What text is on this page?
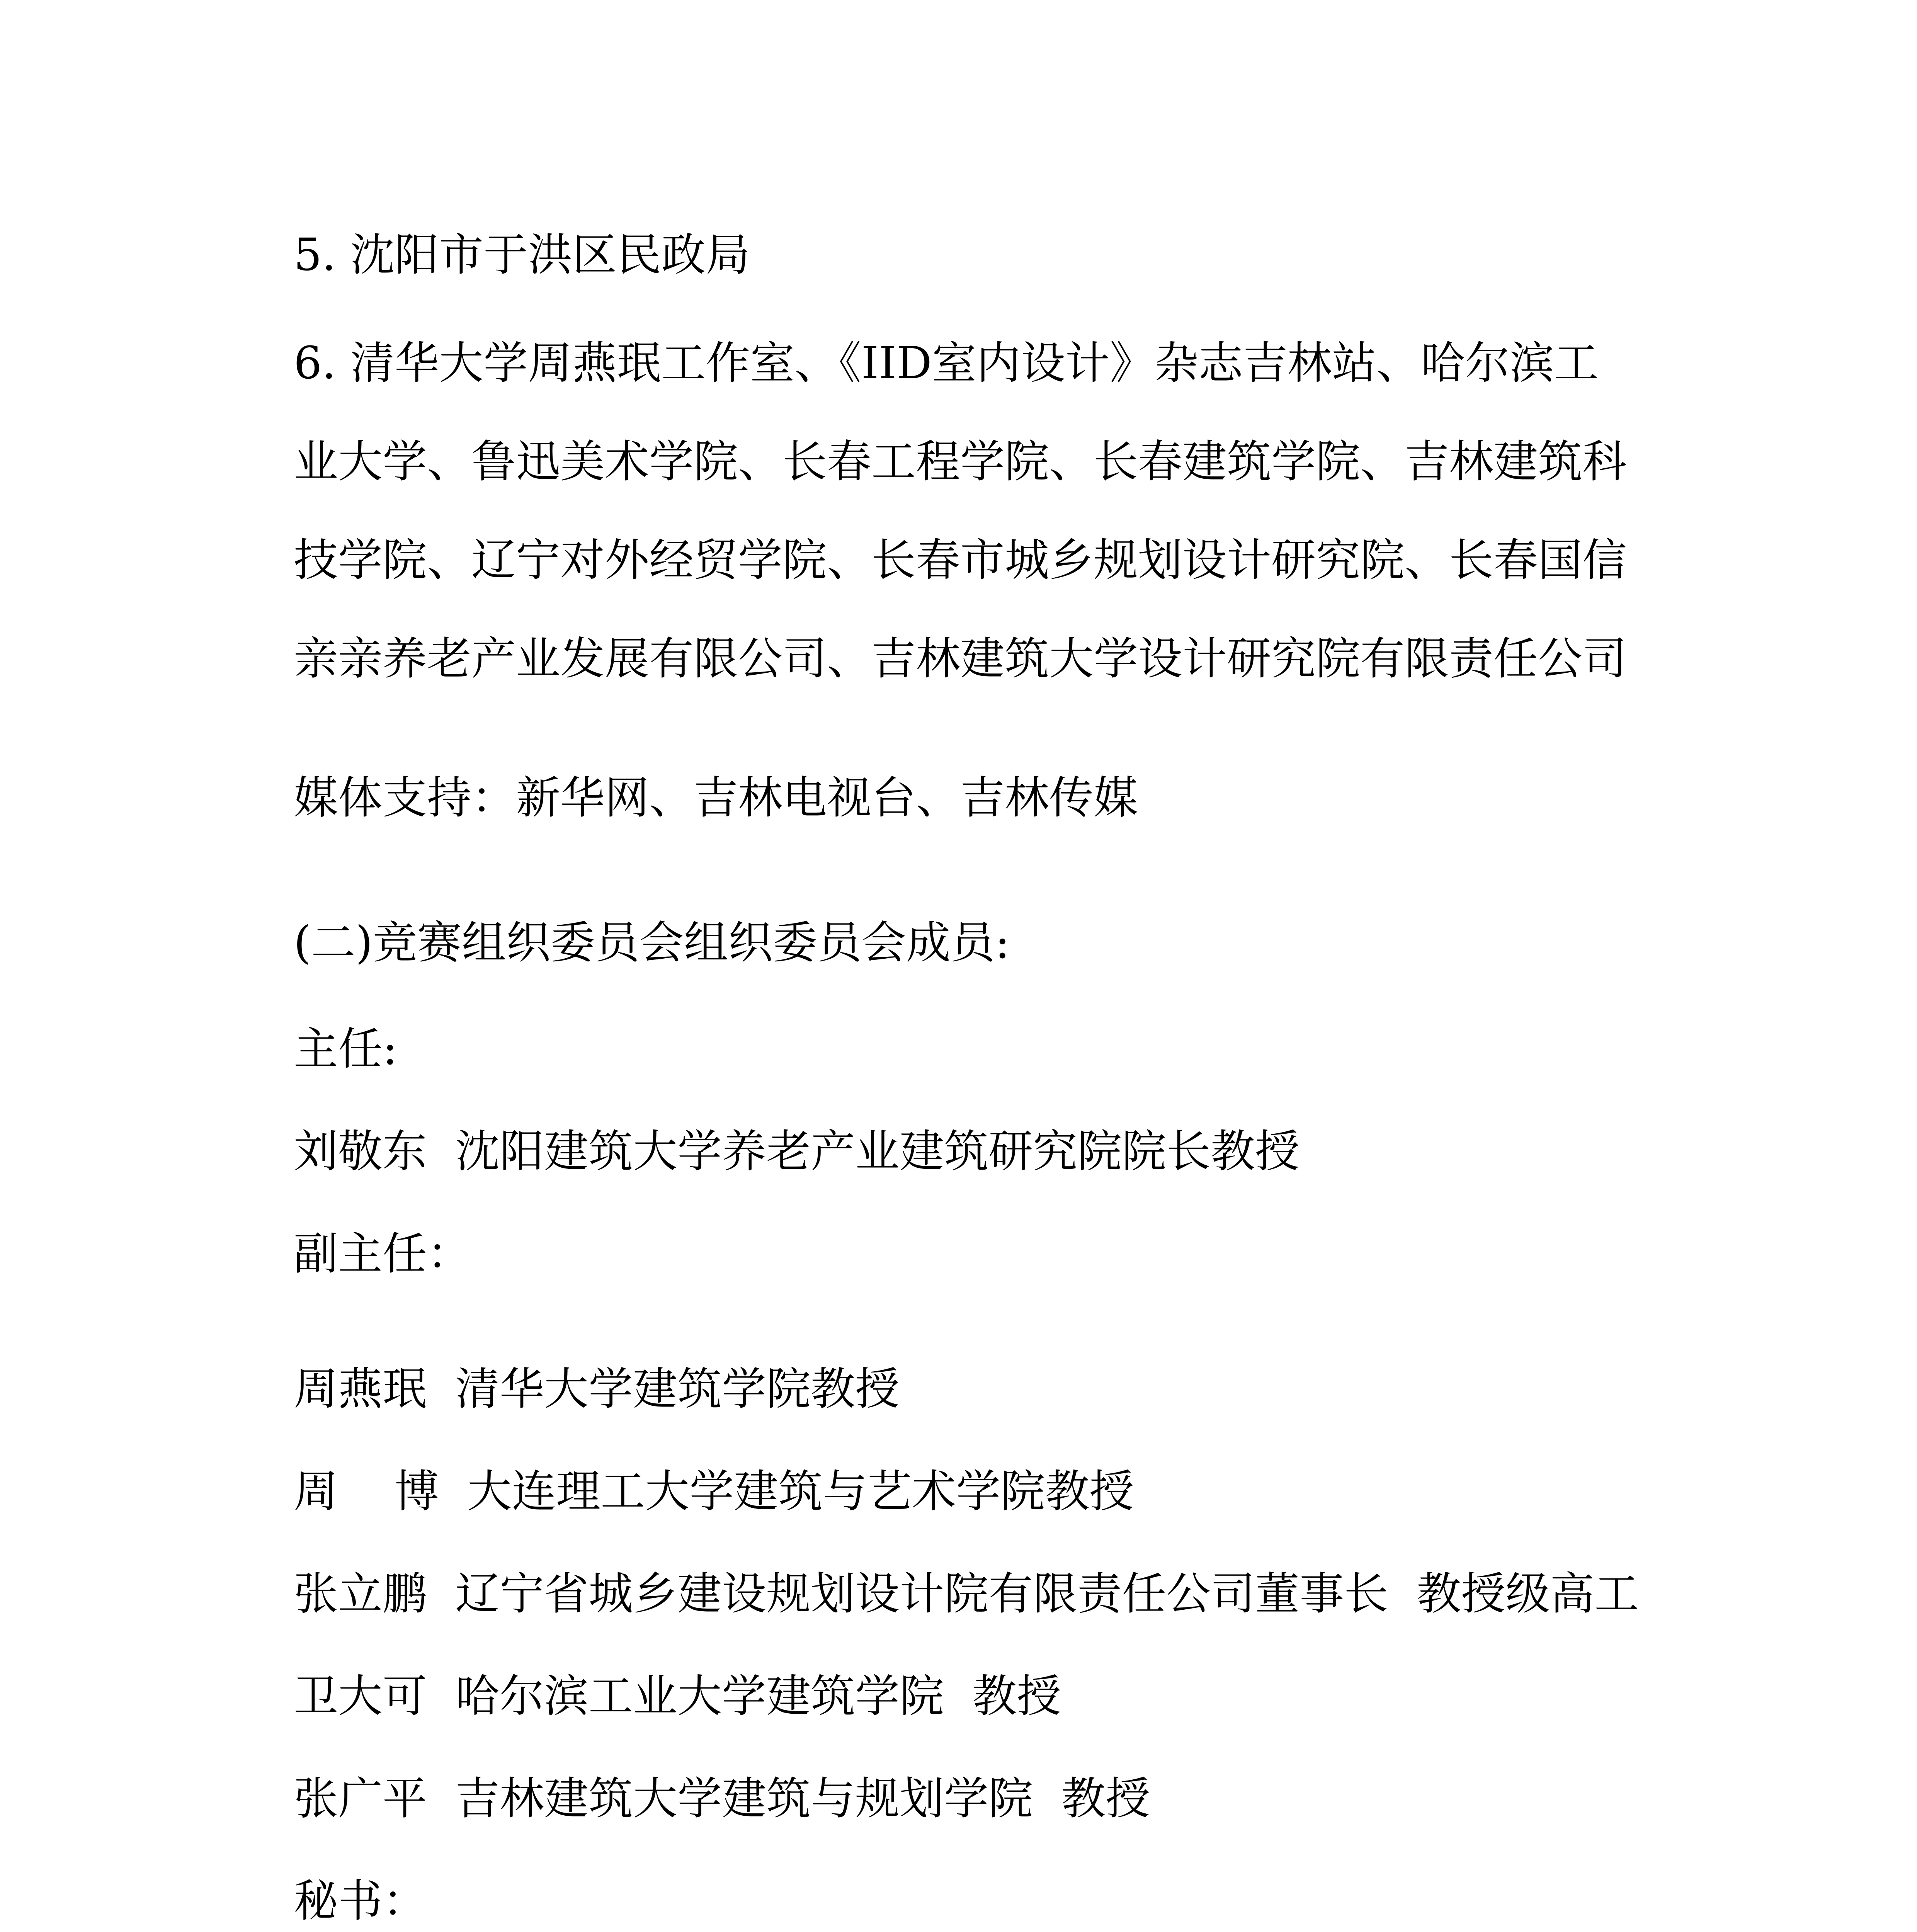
5. 沈阳市于洪区民政局

6. 清华大学周燕珉工作室、《IID室内设计》杂志吉林站、哈尔滨工

业大学、鲁迅美术学院、长春工程学院、长春建筑学院、吉林建筑科

技学院、辽宁对外经贸学院、长春市城乡规划设计研究院、长春国信

亲亲养老产业发展有限公司、吉林建筑大学设计研究院有限责任公司

媒体支持：新华网、吉林电视台、吉林传媒

(二)竞赛组织委员会组织委员会成员:

主任:

刘敬东  沈阳建筑大学养老产业建筑研究院院长教授

副主任：

周燕珉  清华大学建筑学院教授

周    博  大连理工大学建筑与艺术学院教授

张立鹏  辽宁省城乡建设规划设计院有限责任公司董事长  教授级高工

卫大可  哈尔滨工业大学建筑学院  教授

张广平  吉林建筑大学建筑与规划学院  教授

秘书：
